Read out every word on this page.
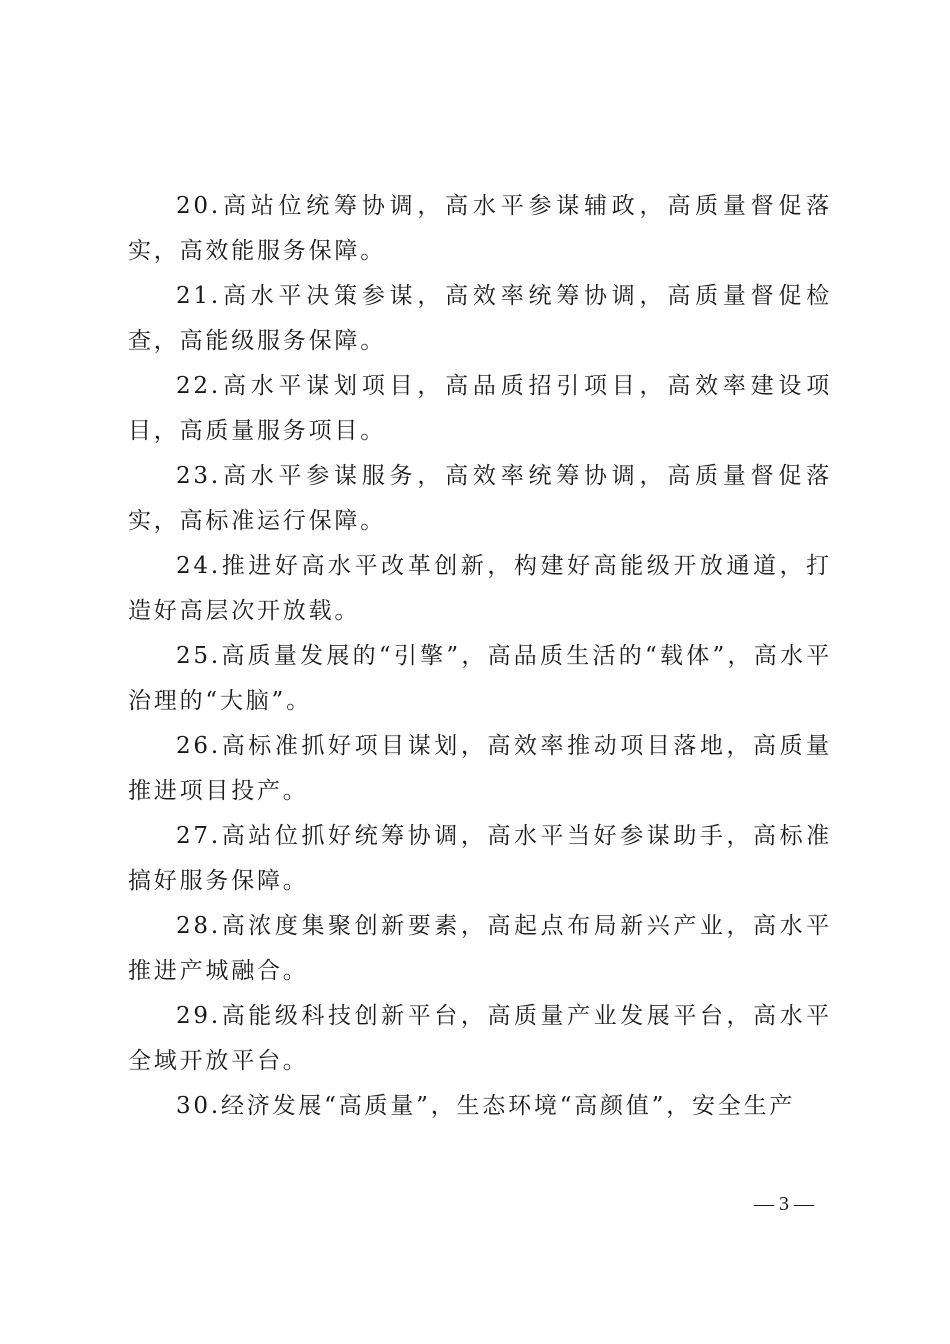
20.高站位统筹协调，高水平参谋辅政，高质量督促落实，高效能服务保障。

21.高水平决策参谋，高效率统筹协调，高质量督促检查，高能级服务保障。

22.高水平谋划项目，高品质招引项目，高效率建设项目，高质量服务项目。

23.高水平参谋服务，高效率统筹协调，高质量督促落实，高标准运行保障。

24.推进好高水平改革创新，构建好高能级开放通道，打造好高层次开放载。

25.高质量发展的“引擎”，高品质生活的“载体”，高水平治理的“大脑”。

26.高标准抓好项目谋划，高效率推动项目落地，高质量推进项目投产。

27.高站位抓好统筹协调，高水平当好参谋助手，高标准搞好服务保障。

28.高浓度集聚创新要素，高起点布局新兴产业，高水平推进产城融合。

29.高能级科技创新平台，高质量产业发展平台，高水平全域开放平台。

30.经济发展“高质量”，生态环境“高颜值”，安全生产

— 3 —
